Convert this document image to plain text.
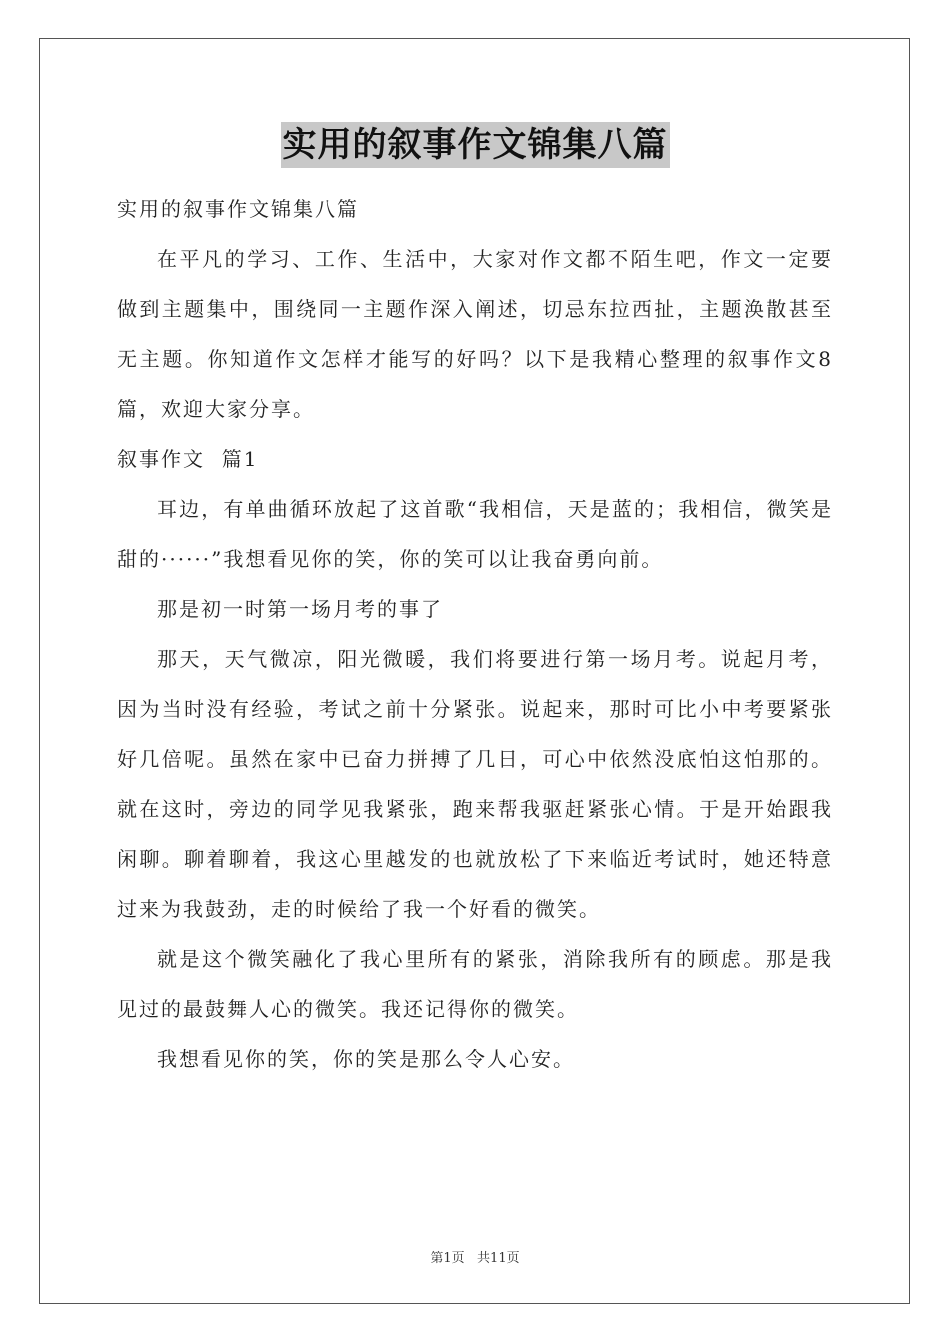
实用的叙事作文锦集八篇

实用的叙事作文锦集八篇

在平凡的学习、工作、生活中，大家对作文都不陌生吧，作文一定要做到主题集中，围绕同一主题作深入阐述，切忌东拉西扯，主题涣散甚至无主题。你知道作文怎样才能写的好吗？以下是我精心整理的叙事作文8篇，欢迎大家分享。

叙事作文  篇1

耳边，有单曲循环放起了这首歌“我相信，天是蓝的；我相信，微笑是甜的······”我想看见你的笑，你的笑可以让我奋勇向前。

那是初一时第一场月考的事了

那天，天气微凉，阳光微暖，我们将要进行第一场月考。说起月考，因为当时没有经验，考试之前十分紧张。说起来，那时可比小中考要紧张好几倍呢。虽然在家中已奋力拼搏了几日，可心中依然没底怕这怕那的。就在这时，旁边的同学见我紧张，跑来帮我驱赶紧张心情。于是开始跟我闲聊。聊着聊着，我这心里越发的也就放松了下来临近考试时，她还特意过来为我鼓劲，走的时候给了我一个好看的微笑。

就是这个微笑融化了我心里所有的紧张，消除我所有的顾虑。那是我见过的最鼓舞人心的微笑。我还记得你的微笑。

我想看见你的笑，你的笑是那么令人心安。

第1页   共11页
